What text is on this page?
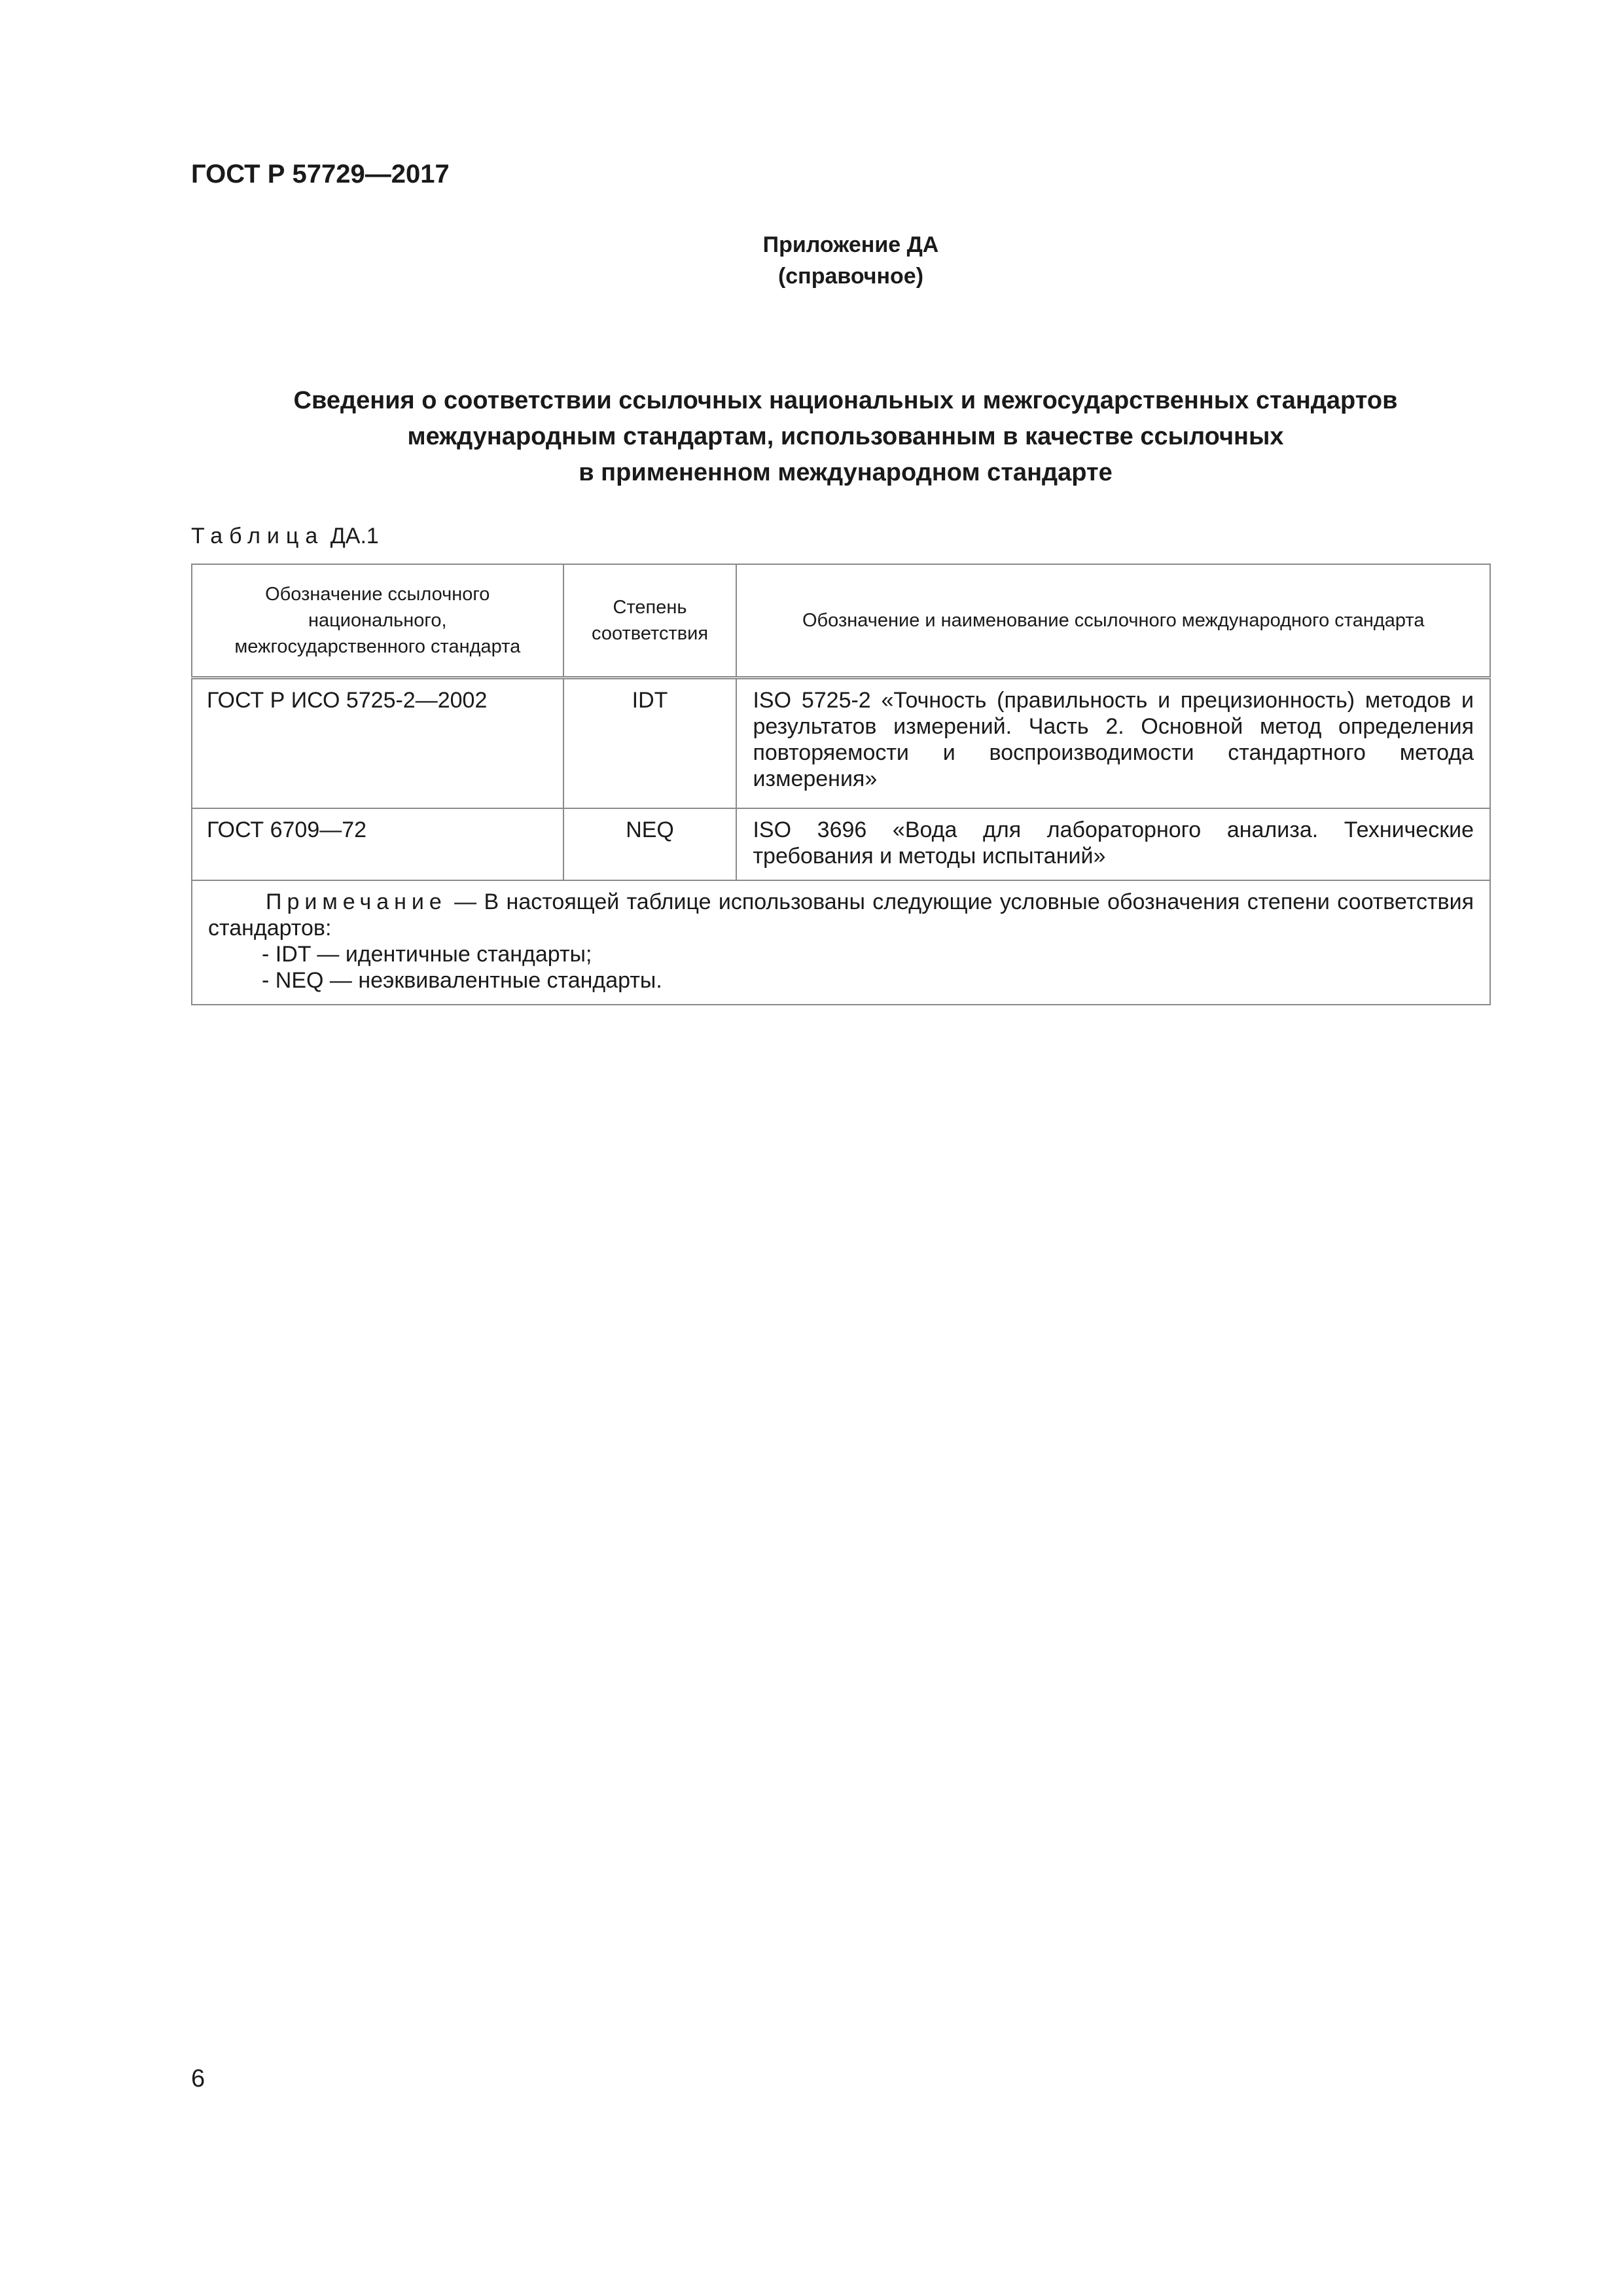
ГОСТ Р 57729—2017
Приложение ДА
(справочное)
Сведения о соответствии ссылочных национальных и межгосударственных стандартов
международным стандартам, использованным в качестве ссылочных
в примененном международном стандарте
Таблица ДА.1
Обозначение ссылочного национального, межгосударственного стандарта	Степень соответствия	Обозначение и наименование ссылочного международного стандарта
ГОСТ Р ИСО 5725-2—2002	IDT	ISO 5725-2 «Точность (правильность и прецизионность) методов и результатов измерений. Часть 2. Основной метод определения повторяемости и воспроизводимости стандартного метода измерения»
ГОСТ 6709—72	NEQ	ISO 3696 «Вода для лабораторного анализа. Технические требования и методы испытаний»

Примечание — В настоящей таблице использованы следующие условные обозначения степени соответствия стандартов:
- IDT — идентичные стандарты;
- NEQ — неэквивалентные стандарты.		
6
